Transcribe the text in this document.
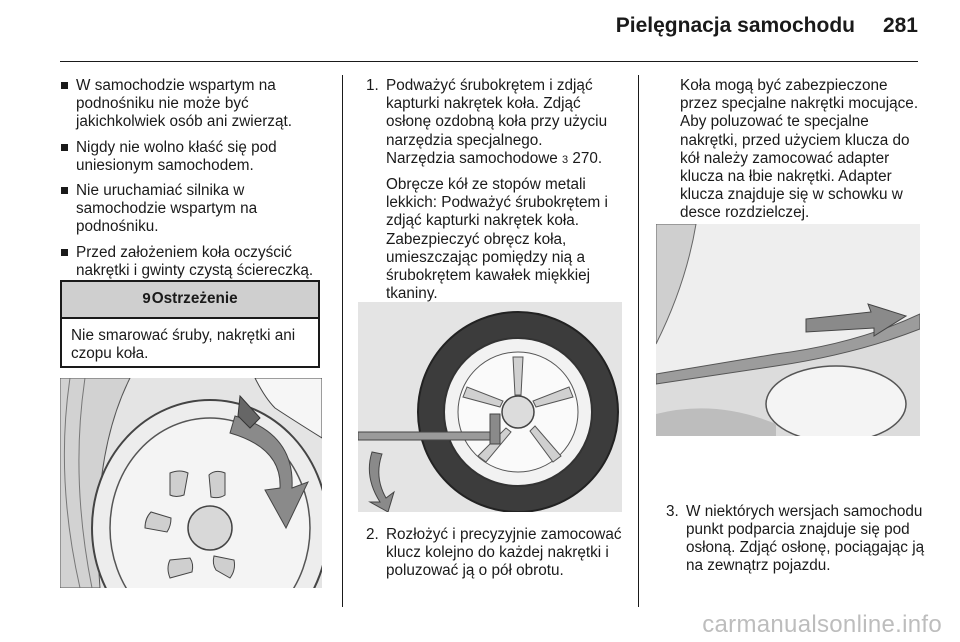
Pielęgnacja samochodu 281
W samochodzie wspartym na podnośniku nie może być jakichkolwiek osób ani zwierząt.
Nigdy nie wolno kłaść się pod uniesionym samochodem.
Nie uruchamiać silnika w samochodzie wspartym na podnośniku.
Przed założeniem koła oczyścić nakrętki i gwinty czystą ściereczką.
9 Ostrzeżenie
Nie smarować śruby, nakrętki ani czopu koła.
1. Podważyć śrubokrętem i zdjąć kapturki nakrętek koła. Zdjąć osłonę ozdobną koła przy użyciu narzędzia specjalnego.
Narzędzia samochodowe 3 270.
Obręcze kół ze stopów metali lekkich: Podważyć śrubokrętem i zdjąć kapturki nakrętek koła. Zabezpieczyć obręcz koła, umieszczając pomiędzy nią a śrubokrętem kawałek miękkiej tkaniny.
2. Rozłożyć i precyzyjnie zamocować klucz kolejno do każdej nakrętki i poluzować ją o pół obrotu.
Koła mogą być zabezpieczone przez specjalne nakrętki mocujące. Aby poluzować te specjalne nakrętki, przed użyciem klucza do kół należy zamocować adapter klucza na łbie nakrętki. Adapter klucza znajduje się w schowku w desce rozdzielczej.
3. W niektórych wersjach samochodu punkt podparcia znajduje się pod osłoną. Zdjąć osłonę, pociągając ją na zewnątrz pojazdu.
carmanualsonline.info
